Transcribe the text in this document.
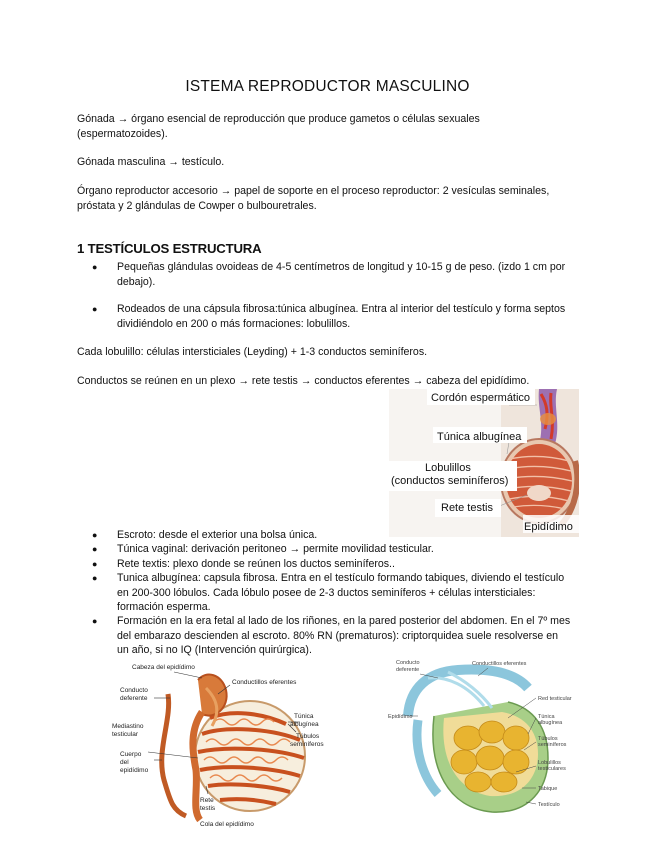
ISTEMA REPRODUCTOR MASCULINO
Gónada → órgano esencial de reproducción que produce gametos o células sexuales
(espermatozoides).
Gónada masculina → testículo.
Órgano reproductor accesorio → papel de soporte en el proceso reproductor: 2 vesículas seminales,
próstata y 2 glándulas de Cowper o bulbouretrales.
1 TESTÍCULOS ESTRUCTURA
● Pequeñas glándulas ovoideas de 4-5 centímetros de longitud y 10-15 g de peso. (izdo 1 cm por
debajo).
● Rodeados de una cápsula fibrosa:túnica albugínea. Entra al interior del testículo y forma septos
dividiéndolo en 200 o más formaciones: lobulillos.
Cada lobulillo: células intersticiales (Leyding) + 1-3 conductos seminíferos.
Conductos se reúnen en un plexo → rete testis → conductos eferentes → cabeza del epidídimo.
Cordón espermático
Túnica albugínea
Lobulillos
(conductos seminíferos)
Rete testis
Epidídimo
● Escroto: desde el exterior una bolsa única.
● Túnica vaginal: derivación peritoneo → permite movilidad testicular.
● Rete textis: plexo donde se reúnen los ductos seminíferos..
● Tunica albugínea: capsula fibrosa. Entra en el testículo formando tabiques, diviendo el testículo
en 200-300 lóbulos. Cada lóbulo posee de 2-3 ductos seminíferos + células intersticiales:
formación esperma.
● Formación en la era fetal al lado de los riñones, en la pared posterior del abdomen. En el 7º mes
del embarazo descienden al escroto. 80% RN (prematuros): criptorquidea suele resolverse en
un año, si no IQ (Intervención quirúrgica).
Cabeza del epidídimo
Conducto
deferente
Conductillos eferentes
Mediastino
testicular
Túnica
albugínea
Túbulos
seminíferos
Cuerpo
del
epidídimo
Rete
testis
Cola del epidídimo
Conducto
deferente
Conductillos eferentes
Epidídimo
Red testicular
Túnica
albugínea
Túbulos
seminíferos
Lobulillos
testiculares
Tabique
Testículo
